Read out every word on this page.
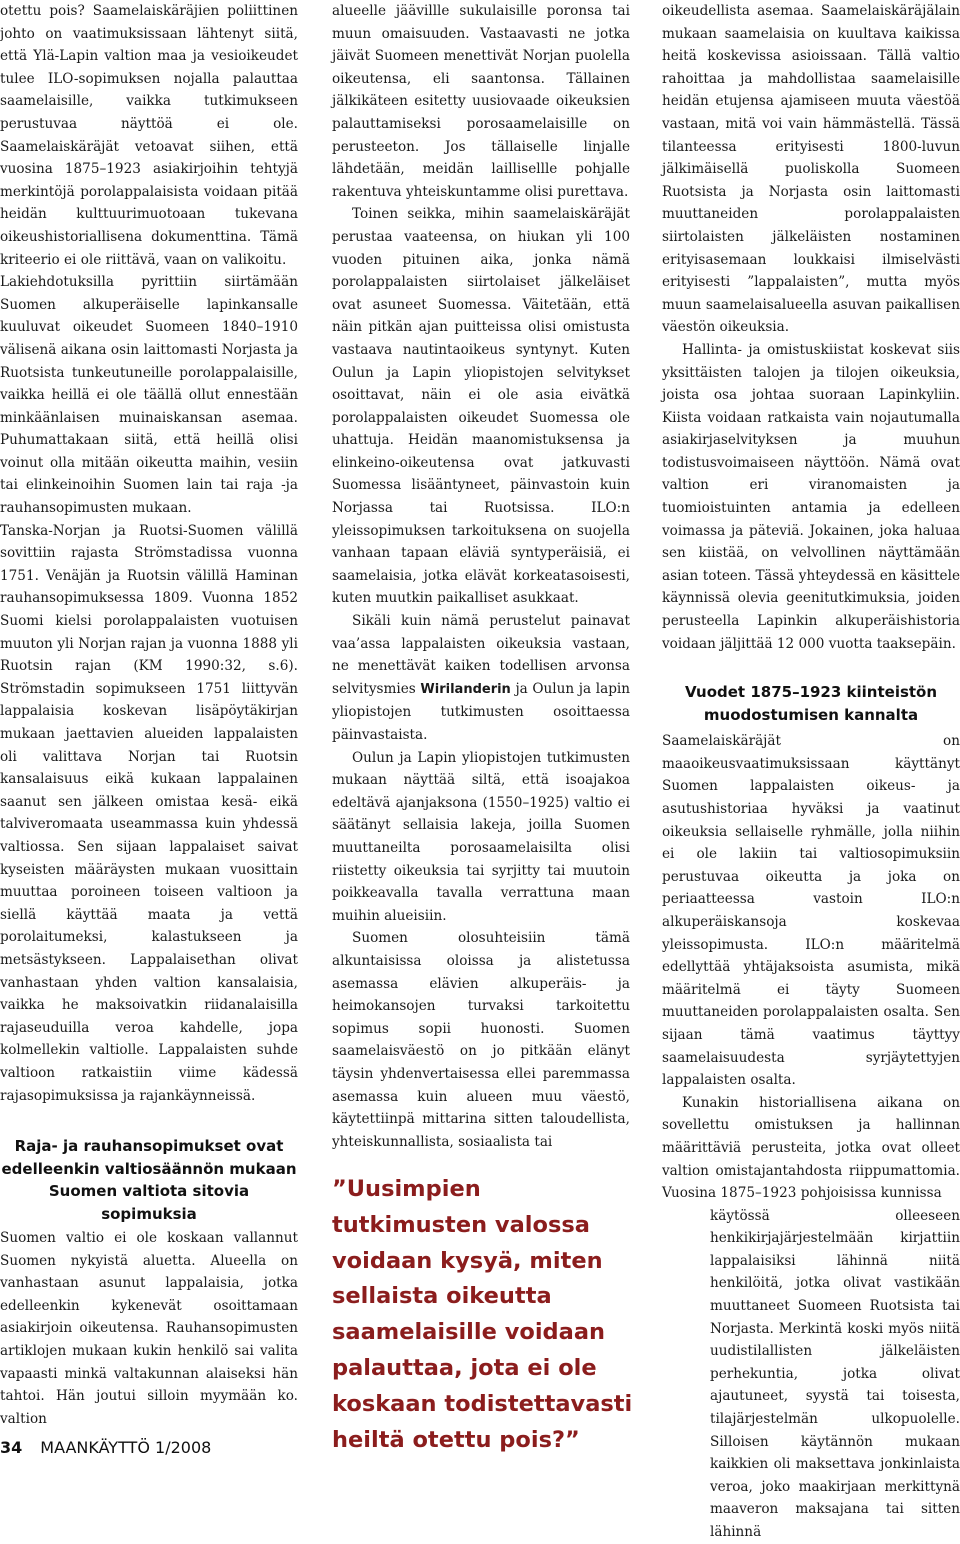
otettu pois? Saamelaiskäräjien poliittinen johto on vaatimuksissaan lähtenyt siitä, että Ylä-Lapin valtion maa ja vesioikeudet tulee ILO-sopimuksen nojalla palauttaa saamelaisille, vaikka tutkimukseen perustuvaa näyttöä ei ole. Saamelaiskäräjät vetoavat siihen, että vuosina 1875–1923 asiakirjoihin tehtyjä merkintöjä porolappalaisista voidaan pitää heidän kulttuurimuotoaan tukevana oikeushistoriallisena dokumenttina. Tämä kriteerio ei ole riittävä, vaan on valikoitu.

Lakiehdotuksilla pyrittiin siirtämään Suomen alkuperäiselle lapinkansalle kuuluvat oikeudet Suomeen 1840–1910 välisenä aikana osin laittomasti Norjasta ja Ruotsista tunkeutuneille porolappalaisille, vaikka heillä ei ole täällä ollut ennestään minkäänlaisen muinaiskansan asemaa. Puhumattakaan siitä, että heillä olisi voinut olla mitään oikeutta maihin, vesiin tai elinkeinoihin Suomen lain tai raja -ja rauhansopimusten mukaan.

Tanska-Norjan ja Ruotsi-Suomen välillä sovittiin rajasta Strömstadissa vuonna 1751. Venäjän ja Ruotsin välillä Haminan rauhansopimuksessa 1809. Vuonna 1852 Suomi kielsi porolappalaisten vuotuisen muuton yli Norjan rajan ja vuonna 1888 yli Ruotsin rajan (KM 1990:32, s.6). Strömstadin sopimukseen 1751 liittyvän lappalaisia koskevan lisäpöytäkirjan mukaan jaettavien alueiden lappalaisten oli valittava Norjan tai Ruotsin kansalaisuus eikä kukaan lappalainen saanut sen jälkeen omistaa kesä- eikä talviveromaata useammassa kuin yhdessä valtiossa. Sen sijaan lappalaiset saivat kyseisten määräysten mukaan vuosittain muuttaa poroineen toiseen valtioon ja siellä käyttää maata ja vettä porolaitumeksi, kalastukseen ja metsästykseen. Lappalaisethan olivat vanhastaan yhden valtion kansalaisia, vaikka he maksoivatkin riidanalaisilla rajaseuduilla veroa kahdelle, jopa kolmellekin valtiolle. Lappalaisten suhde valtioon ratkaistiin viime kädessä rajasopimuksissa ja rajankäynneissä.

Raja- ja rauhansopimukset ovat edelleenkin valtiosäännön mukaan Suomen valtiota sitovia sopimuksia

Suomen valtio ei ole koskaan vallannut Suomen nykyistä aluetta. Alueella on vanhastaan asunut lappalaisia, jotka edelleenkin kykenevät osoittamaan asiakirjoin oikeutensa. Rauhansopimusten artiklojen mukaan kukin henkilö sai valita vapaasti minkä valtakunnan alaiseksi hän tahtoi. Hän joutui silloin myymään ko. valtion

alueelle jäävillle sukulaisille poronsa tai muun omaisuuden. Vastaavasti ne jotka jäivät Suomeen menettivät Norjan puolella oikeutensa, eli saantonsa. Tällainen jälkikäteen esitetty uusiovaade oikeuksien palauttamiseksi porosaamelaisille on perusteeton. Jos tällaiselle linjalle lähdetään, meidän laillisellle pohjalle rakentuva yhteiskuntamme olisi purettava.

Toinen seikka, mihin saamelaiskäräjät perustaa vaateensa, on hiukan yli 100 vuoden pituinen aika, jonka nämä porolappalaisten siirtolaiset jälkeläiset ovat asuneet Suomessa. Väitetään, että näin pitkän ajan puitteissa olisi omistusta vastaava nautintaoikeus syntynyt. Kuten Oulun ja Lapin yliopistojen selvitykset osoittavat, näin ei ole asia eivätkä porolappalaisten oikeudet Suomessa ole uhattuja. Heidän maanomistuksensa ja elinkeino-oikeutensa ovat jatkuvasti Suomessa lisääntyneet, päinvastoin kuin Norjassa tai Ruotsissa. ILO:n yleissopimuksen tarkoituksena on suojella vanhaan tapaan eläviä syntyperäisiä, ei saamelaisia, jotka elävät korkeatasoisesti, kuten muutkin paikalliset asukkaat.

Sikäli kuin nämä perustelut painavat vaa’assa lappalaisten oikeuksia vastaan, ne menettävät kaiken todellisen arvonsa selvitysmies Wirilanderin ja Oulun ja lapin yliopistojen tutkimusten osoittaessa päinvastaista.

Oulun ja Lapin yliopistojen tutkimusten mukaan näyttää siltä, että isoajakoa edeltävä ajanjaksona (1550–1925) valtio ei säätänyt sellaisia lakeja, joilla Suomen muuttaneilta porosaamelaisilta olisi riistetty oikeuksia tai syrjitty tai muutoin poikkeavalla tavalla verrattuna maan muihin alueisiin.

Suomen olosuhteisiin tämä alkuntaisissa oloissa ja alistetussa asemassa elävien alkuperäis- ja heimokansojen turvaksi tarkoitettu sopimus sopii huonosti. Suomen saamelaisväestö on jo pitkään elänyt täysin yhdenvertaisessa ellei paremmassa asemassa kuin alueen muu väestö, käytettiinpä mittarina sitten taloudellista, yhteiskunnallista, sosiaalista tai

”Uusimpien tutkimusten valossa voidaan kysyä, miten sellaista oikeutta saamelaisille voidaan palauttaa, jota ei ole koskaan todistettavasti heiltä otettu pois?”

oikeudellista asemaa. Saamelaiskäräjälain mukaan saamelaisia on kuultava kaikissa heitä koskevissa asioissaan. Tällä valtio rahoittaa ja mahdollistaa saamelaisille heidän etujensa ajamiseen muuta väestöä vastaan, mitä voi vain hämmästellä. Tässä tilanteessa erityisesti 1800-luvun jälkimäisellä puoliskolla Suomeen Ruotsista ja Norjasta osin laittomasti muuttaneiden porolappalaisten siirtolaisten jälkeläisten nostaminen erityisasemaan loukkaisi ilmiselvästi erityisesti ”lappalaisten”, mutta myös muun saamelaisalueella asuvan paikallisen väestön oikeuksia.

Hallinta- ja omistuskiistat koskevat siis yksittäisten talojen ja tilojen oikeuksia, joista osa johtaa suoraan Lapinkyliin. Kiista voidaan ratkaista vain nojautumalla asiakirjaselvityksen ja muuhun todistusvoimaiseen näyttöön. Nämä ovat valtion eri viranomaisten ja tuomioistuinten antamia ja edelleen voimassa ja päteviä. Jokainen, joka haluaa sen kiistää, on velvollinen näyttämään asian toteen. Tässä yhteydessä en käsittele käynnissä olevia geenitutkimuksia, joiden perusteella Lapinkin alkuperäishistoria voidaan jäljittää 12 000 vuotta taaksepäin.

Vuodet 1875–1923 kiinteistön muodostumisen kannalta

Saamelaiskäräjät on maaoikeusvaatimuksissaan käyttänyt Suomen lappalaisten oikeus- ja asutushistoriaa hyväksi ja vaatinut oikeuksia sellaiselle ryhmälle, jolla niihin ei ole lakiin tai valtiosopimuksiin perustuvaa oikeutta ja joka on periaatteessa vastoin ILO:n alkuperäiskansoja koskevaa yleissopimusta. ILO:n määritelmä edellyttää yhtäjaksoista asumista, mikä määritelmä ei täyty Suomeen muuttaneiden porolappalaisten osalta. Sen sijaan tämä vaatimus täyttyy saamelaisuudesta syrjäytettyjen lappalaisten osalta.

Kunakin historiallisena aikana on sovellettu omistuksen ja hallinnan määrittäviä perusteita, jotka ovat olleet valtion omistajantahdosta riippumattomia. Vuosina 1875–1923 pohjoisissa kunnissa

käytössä olleeseen henkikirjajärjestelmään kirjattiin lappalaisiksi lähinnä niitä henkilöitä, jotka olivat vastikään muuttaneet Suomeen Ruotsista tai Norjasta. Merkintä koski myös niitä uudistilallisten jälkeläisten perhekuntia, jotka olivat ajautuneet, syystä tai toisesta, tilajärjestelmän ulkopuolelle. Silloisen käytännön mukaan kaikkien oli maksettava jonkinlaista veroa, joko maakirjaan merkittynä maaveron maksajana tai sitten lähinnä

34 MAANKÄYTTÖ 1/2008
